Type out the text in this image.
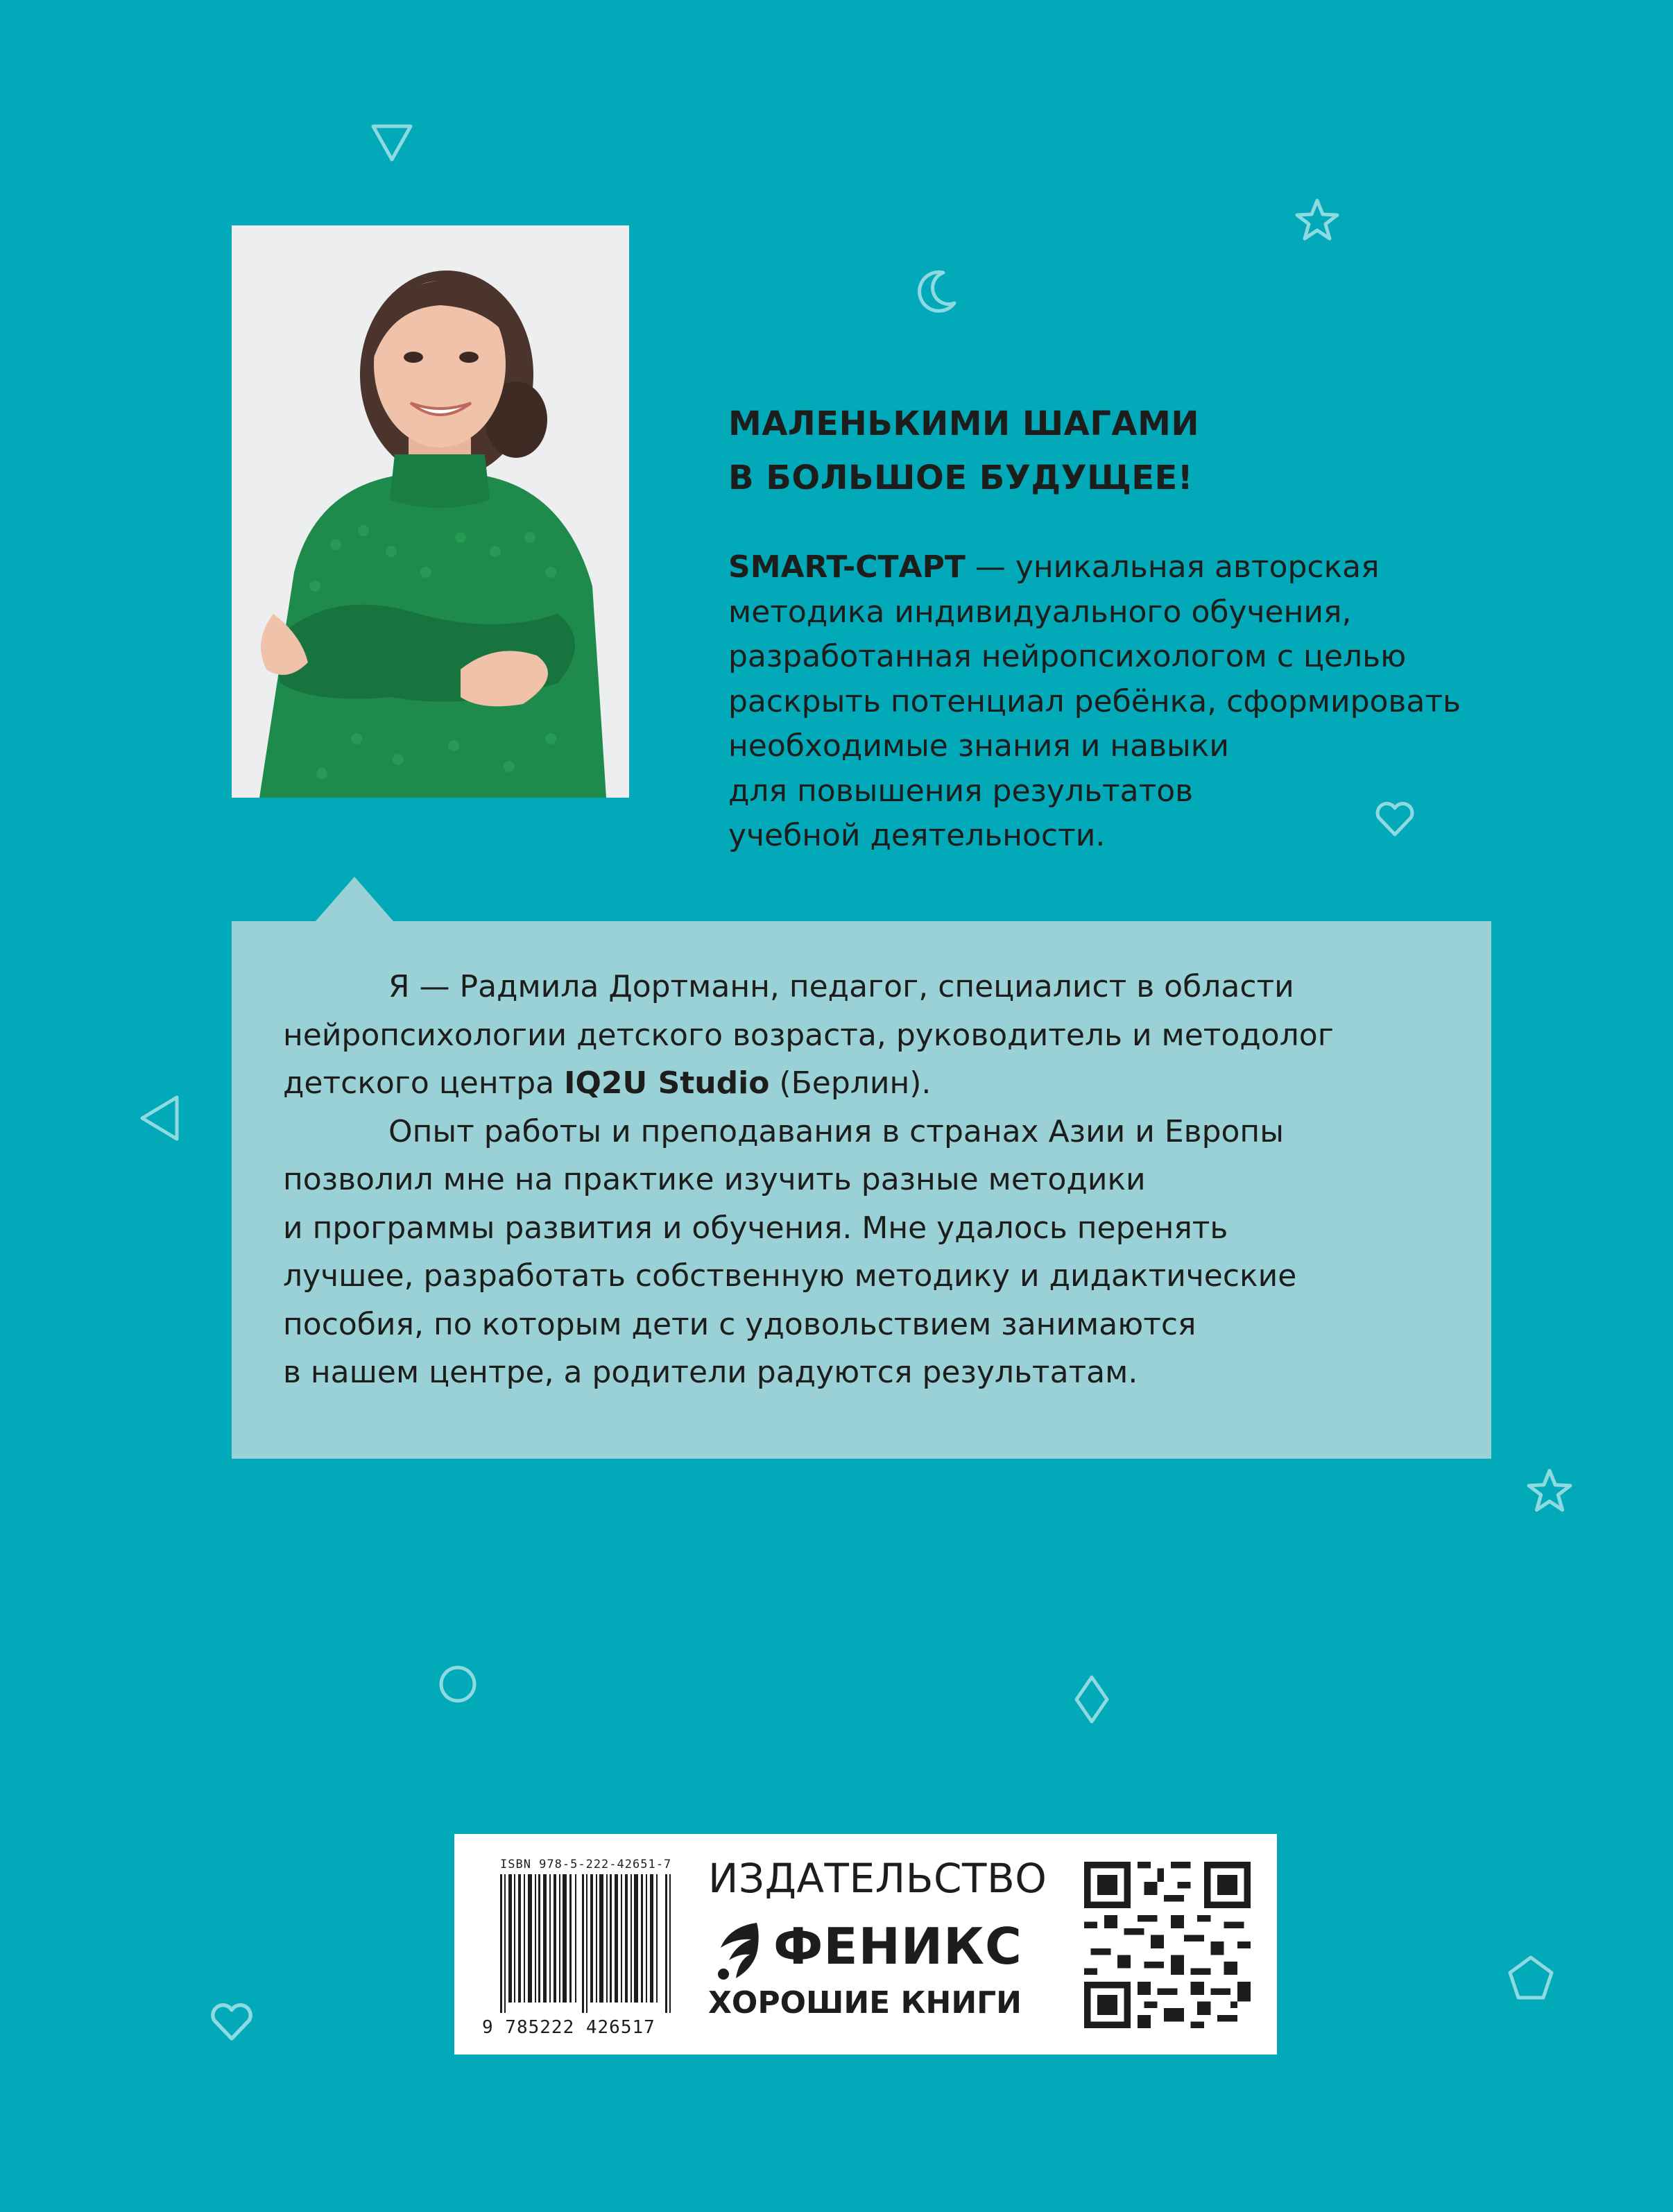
МАЛЕНЬКИМИ ШАГАМИ
В БОЛЬШОЕ БУДУЩЕЕ!
SMART-СТАРТ — уникальная авторская
методика индивидуального обучения,
разработанная нейропсихологом с целью
раскрыть потенциал ребёнка, сформировать
необходимые знания и навыки
для повышения результатов
учебной деятельности.
Я — Радмила Дортманн, педагог, специалист в области
нейропсихологии детского возраста, руководитель и методолог
детского центра IQ2U Studio (Берлин).
Опыт работы и преподавания в странах Азии и Европы
позволил мне на практике изучить разные методики
и программы развития и обучения. Мне удалось перенять
лучшее, разработать собственную методику и дидактические
пособия, по которым дети с удовольствием занимаются
в нашем центре, а родители радуются результатам.
ISBN 978-5-222-42651-7
9 785222 426517
ИЗДАТЕЛЬСТВО
ФЕНИКС
ХОРОШИЕ КНИГИ
